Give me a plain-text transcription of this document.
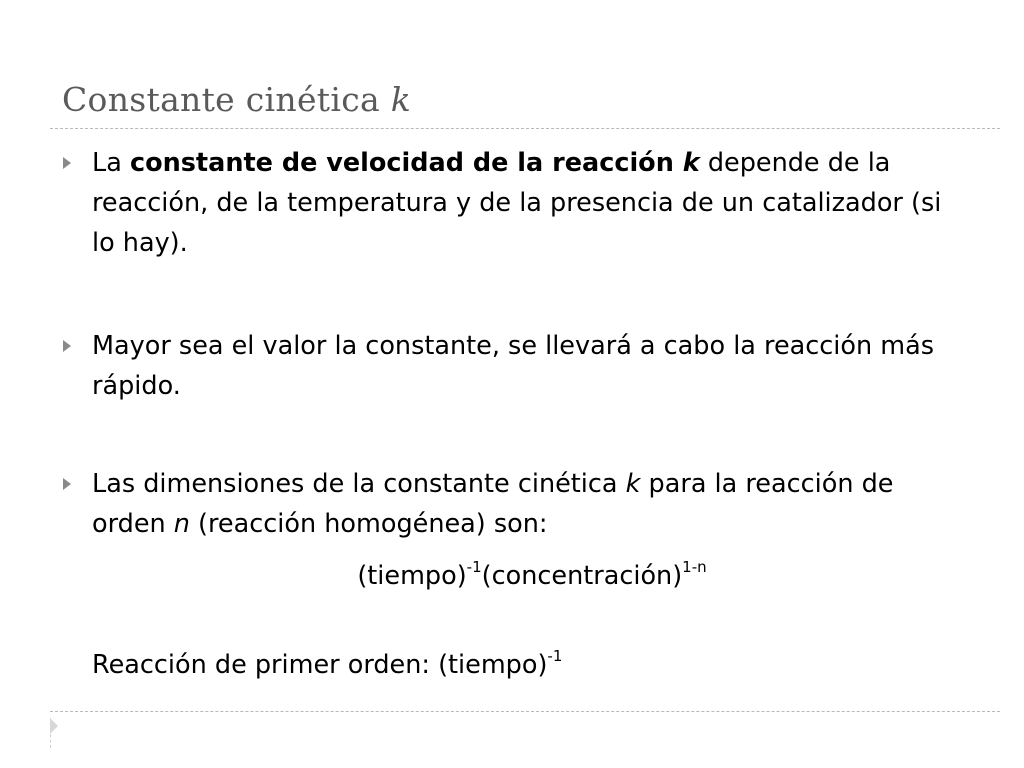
Constante cinética k
La constante de velocidad de la reacción k depende de la reacción, de la temperatura y de la presencia de un catalizador (si lo hay).
Mayor sea el valor la constante, se llevará a cabo la reacción más rápido.
Las dimensiones de la constante cinética k para la reacción de orden n (reacción homogénea) son:
(tiempo)$^{-1}$(concentración)$^{1-n}$
Reacción de primer orden: (tiempo)$^{-1}$
